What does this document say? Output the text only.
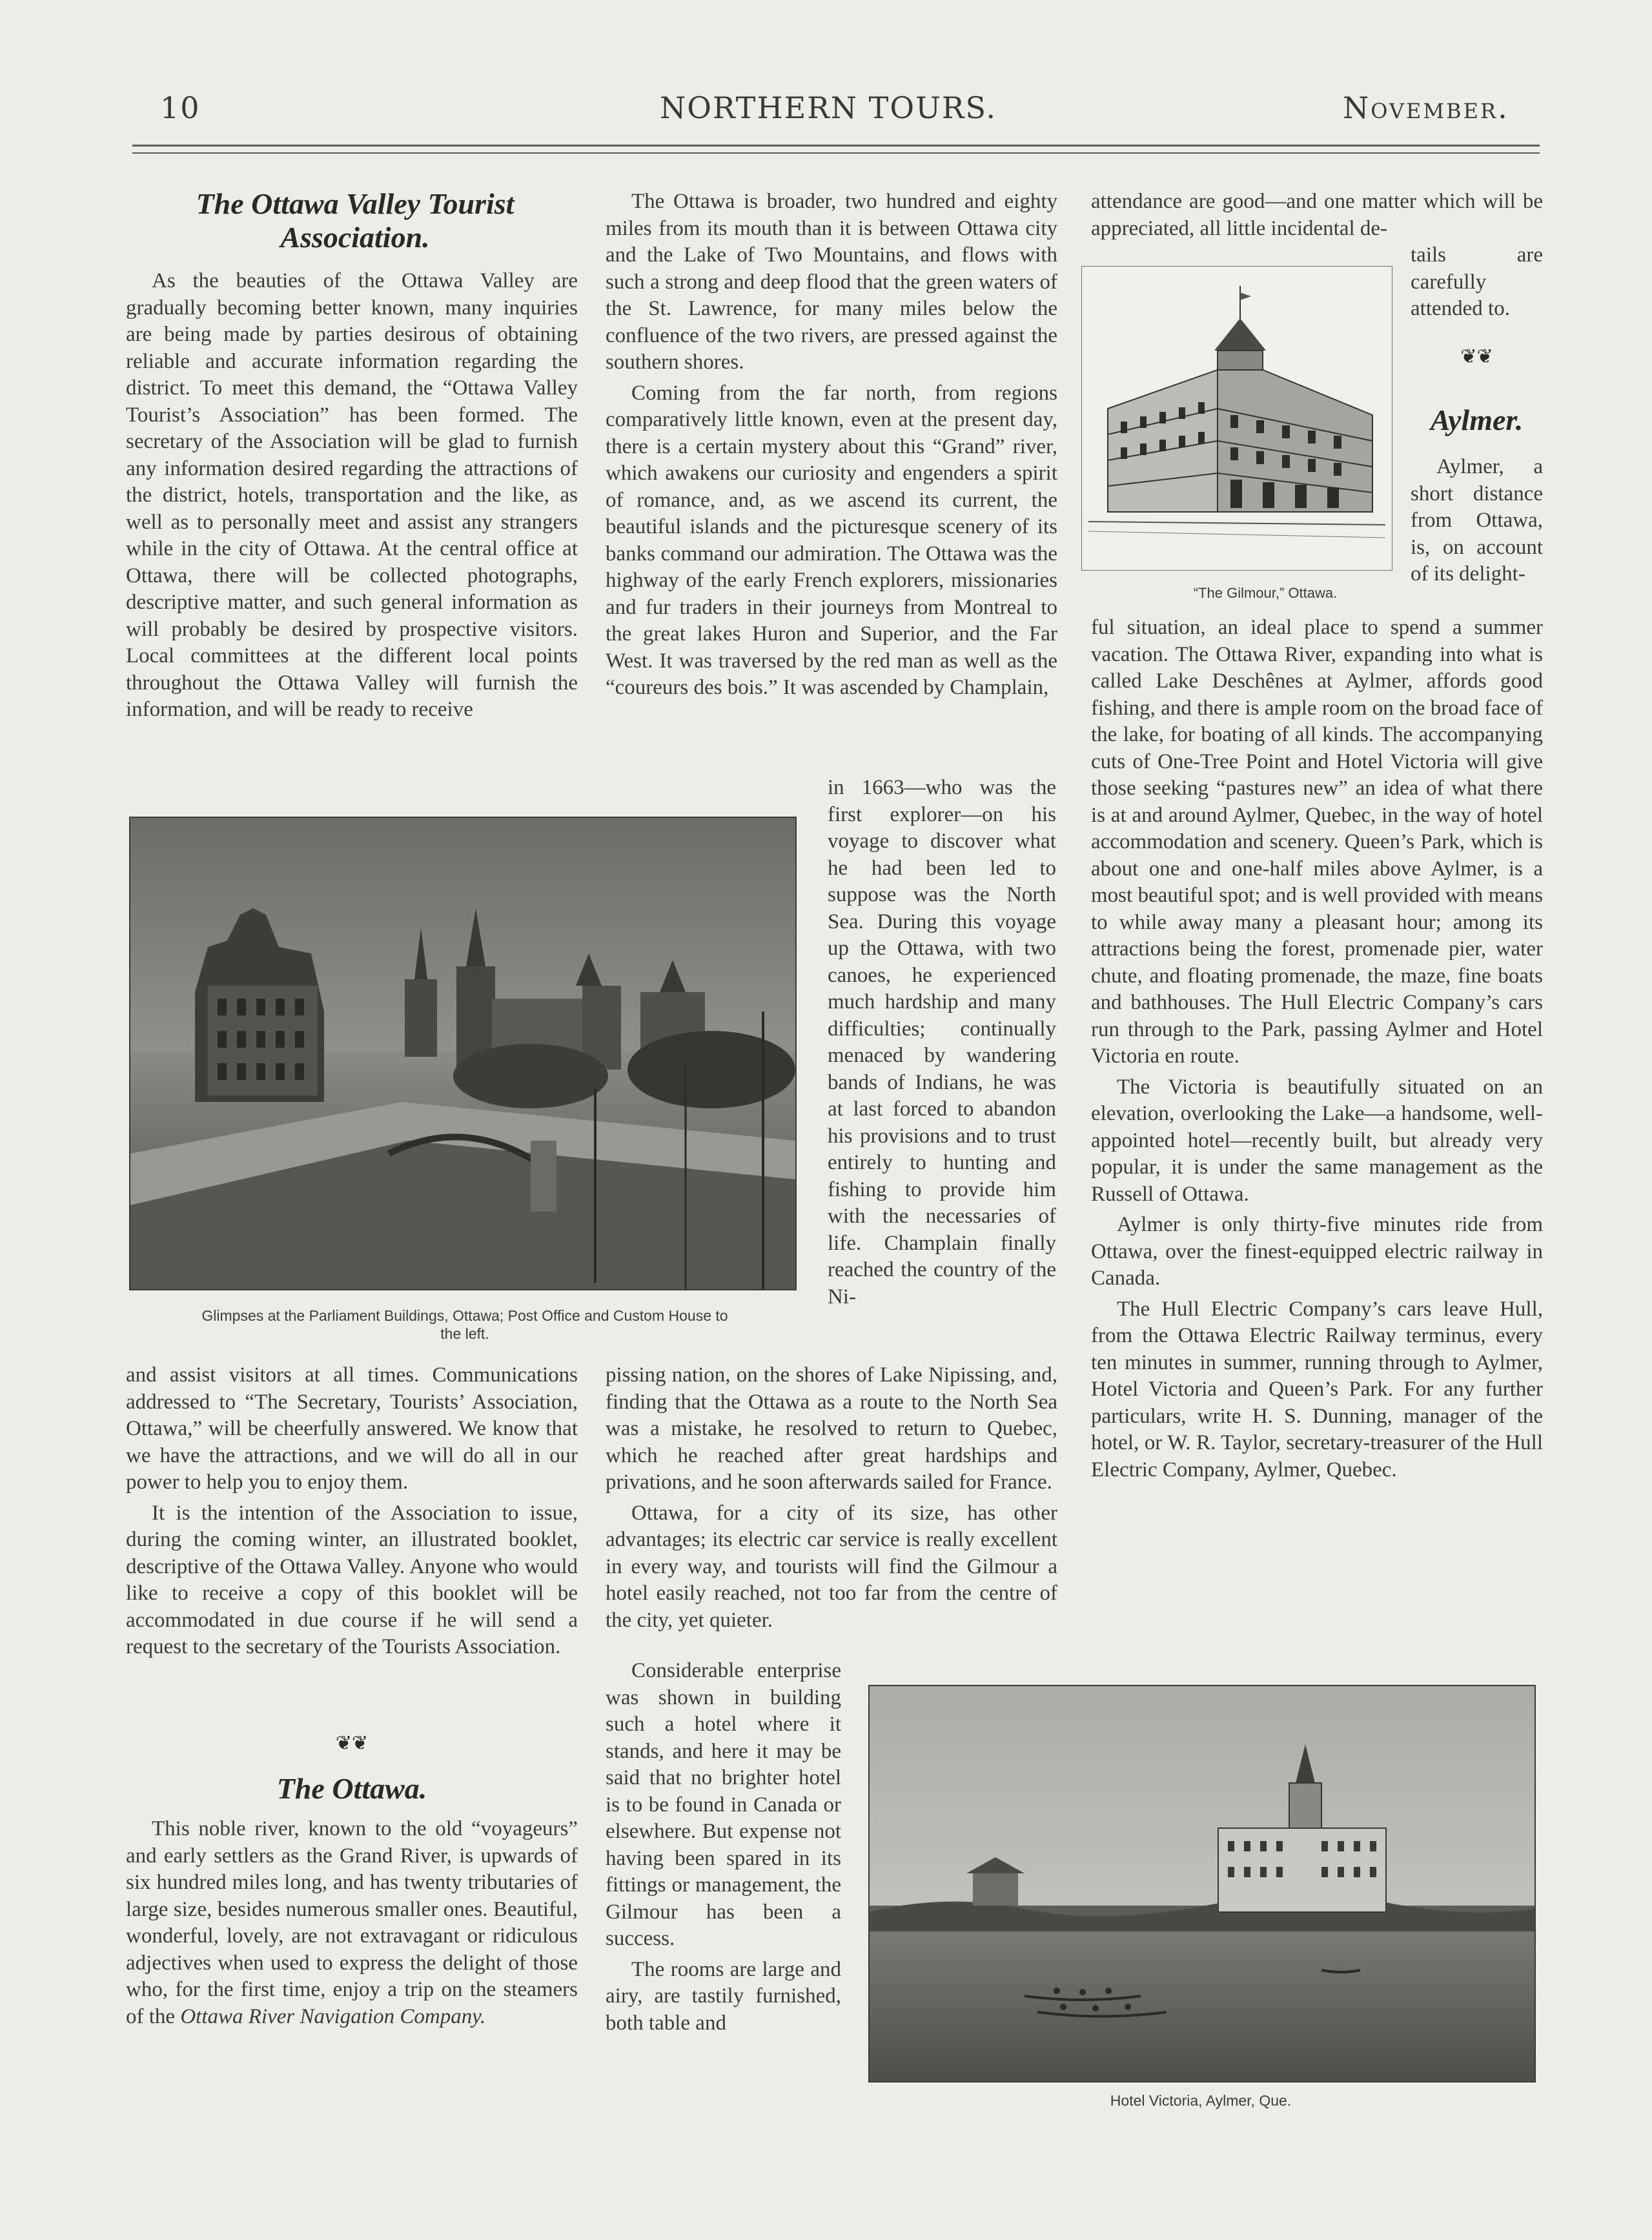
10	NORTHERN TOURS.	November.
The Ottawa Valley Tourist
Association.

As the beauties of the Ottawa Valley are gradually becoming better known, many inquiries are being made by parties desirous of obtaining reliable and accurate information regarding the district. To meet this demand, the “Ottawa Valley Tourist’s Association” has been formed. The secretary of the Association will be glad to furnish any information desired regarding the attractions of the district, hotels, transportation and the like, as well as to personally meet and assist any strangers while in the city of Ottawa. At the central office at Ottawa, there will be collected photographs, descriptive matter, and such general information as will probably be desired by prospective visitors. Local committees at the different local points throughout the Ottawa Valley will furnish the information, and will be ready to receive

Glimpses at the Parliament Buildings, Ottawa; Post Office and Custom House to the left.

and assist visitors at all times. Communications addressed to “The Secretary, Tourists’ Association, Ottawa,” will be cheerfully answered. We know that we have the attractions, and we will do all in our power to help you to enjoy them.

It is the intention of the Association to issue, during the coming winter, an illustrated booklet, descriptive of the Ottawa Valley. Anyone who would like to receive a copy of this booklet will be accommodated in due course if he will send a request to the secretary of the Tourists Association.

❦❦
The Ottawa.

This noble river, known to the old “voyageurs” and early settlers as the Grand River, is upwards of six hundred miles long, and has twenty tributaries of large size, besides numerous smaller ones. Beautiful, wonderful, lovely, are not extravagant or ridiculous adjectives when used to express the delight of those who, for the first time, enjoy a trip on the steamers of the Ottawa River Navigation Company.

The Ottawa is broader, two hundred and eighty miles from its mouth than it is between Ottawa city and the Lake of Two Mountains, and flows with such a strong and deep flood that the green waters of the St. Lawrence, for many miles below the confluence of the two rivers, are pressed against the southern shores.

Coming from the far north, from regions comparatively little known, even at the present day, there is a certain mystery about this “Grand” river, which awakens our curiosity and engenders a spirit of romance, and, as we ascend its current, the beautiful islands and the picturesque scenery of its banks command our admiration. The Ottawa was the highway of the early French explorers, missionaries and fur traders in their journeys from Montreal to the great lakes Huron and Superior, and the Far West. It was traversed by the red man as well as the “coureurs des bois.” It was ascended by Champlain,

in 1663—who was the first explorer—on his voyage to discover what he had been led to suppose was the North Sea. During this voyage up the Ottawa, with two canoes, he experienced much hardship and many difficulties; continually menaced by wandering bands of Indians, he was at last forced to abandon his provisions and to trust entirely to hunting and fishing to provide him with the necessaries of life. Champlain finally reached the country of the Ni-

pissing nation, on the shores of Lake Nipissing, and, finding that the Ottawa as a route to the North Sea was a mistake, he resolved to return to Quebec, which he reached after great hardships and privations, and he soon afterwards sailed for France.

Ottawa, for a city of its size, has other advantages; its electric car service is really excellent in every way, and tourists will find the Gilmour a hotel easily reached, not too far from the centre of the city, yet quieter.

Considerable enterprise was shown in building such a hotel where it stands, and here it may be said that no brighter hotel is to be found in Canada or elsewhere. But expense not having been spared in its fittings or management, the Gilmour has been a success.

The rooms are large and airy, are tastily furnished, both table and

attendance are good—and one matter which will be appreciated, all little incidental de-

tails are carefully attended to.

“The Gilmour,” Ottawa.
❦❦
Aylmer.

Aylmer, a short distance from Ottawa, is, on account of its delight-

ful situation, an ideal place to spend a summer vacation. The Ottawa River, expanding into what is called Lake Deschênes at Aylmer, affords good fishing, and there is ample room on the broad face of the lake, for boating of all kinds. The accompanying cuts of One-Tree Point and Hotel Victoria will give those seeking “pastures new” an idea of what there is at and around Aylmer, Quebec, in the way of hotel accommodation and scenery. Queen’s Park, which is about one and one-half miles above Aylmer, is a most beautiful spot; and is well provided with means to while away many a pleasant hour; among its attractions being the forest, promenade pier, water chute, and floating promenade, the maze, fine boats and bathhouses. The Hull Electric Company’s cars run through to the Park, passing Aylmer and Hotel Victoria en route.

The Victoria is beautifully situated on an elevation, overlooking the Lake—a handsome, well-appointed hotel—recently built, but already very popular, it is under the same management as the Russell of Ottawa.

Aylmer is only thirty-five minutes ride from Ottawa, over the finest-equipped electric railway in Canada.

The Hull Electric Company’s cars leave Hull, from the Ottawa Electric Railway terminus, every ten minutes in summer, running through to Aylmer, Hotel Victoria and Queen’s Park. For any further particulars, write H. S. Dunning, manager of the hotel, or W. R. Taylor, secretary-treasurer of the Hull Electric Company, Aylmer, Quebec.

Hotel Victoria, Aylmer, Que.
